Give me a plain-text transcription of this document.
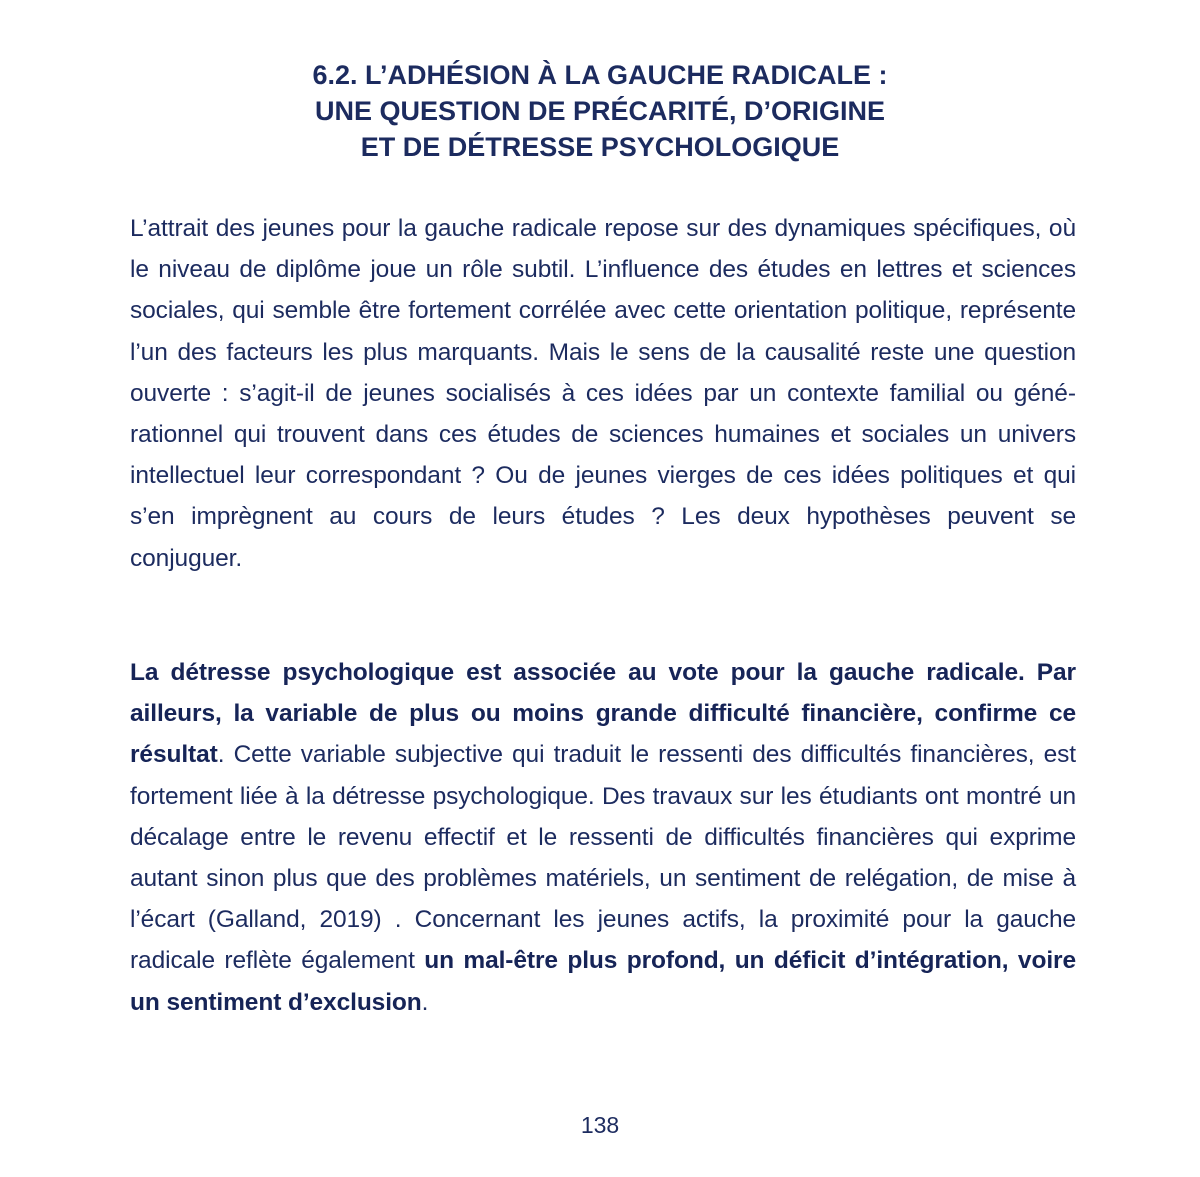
6.2. L’ADHÉSION À LA GAUCHE RADICALE :
UNE QUESTION DE PRÉCARITÉ, D’ORIGINE
ET DE DÉTRESSE PSYCHOLOGIQUE

L’attrait des jeunes pour la gauche radicale repose sur des dynamiques spécifiques, où le niveau de diplôme joue un rôle subtil. L’influence des études en lettres et sciences sociales, qui semble être fortement corrélée avec cette orientation politique, représente l’un des facteurs les plus marquants. Mais le sens de la causalité reste une question ouverte : s’agit-il de jeunes socialisés à ces idées par un contexte familial ou générationnel qui trouvent dans ces études de sciences humaines et sociales un univers intellectuel leur correspondant ? Ou de jeunes vierges de ces idées politiques et qui s’en imprègnent au cours de leurs études ? Les deux hypothèses peuvent se conjuguer.

La détresse psychologique est associée au vote pour la gauche radicale. Par ailleurs, la variable de plus ou moins grande difficulté financière, confirme ce résultat. Cette variable subjective qui traduit le ressenti des difficultés financières, est fortement liée à la détresse psychologique. Des travaux sur les étudiants ont montré un décalage entre le revenu effectif et le ressenti de difficultés financières qui exprime autant sinon plus que des problèmes matériels, un sentiment de relégation, de mise à l’écart (Galland, 2019) . Concernant les jeunes actifs, la proximité pour la gauche radicale reflète également un mal-être plus profond, un déficit d’intégration, voire un sentiment d’exclusion.

138
